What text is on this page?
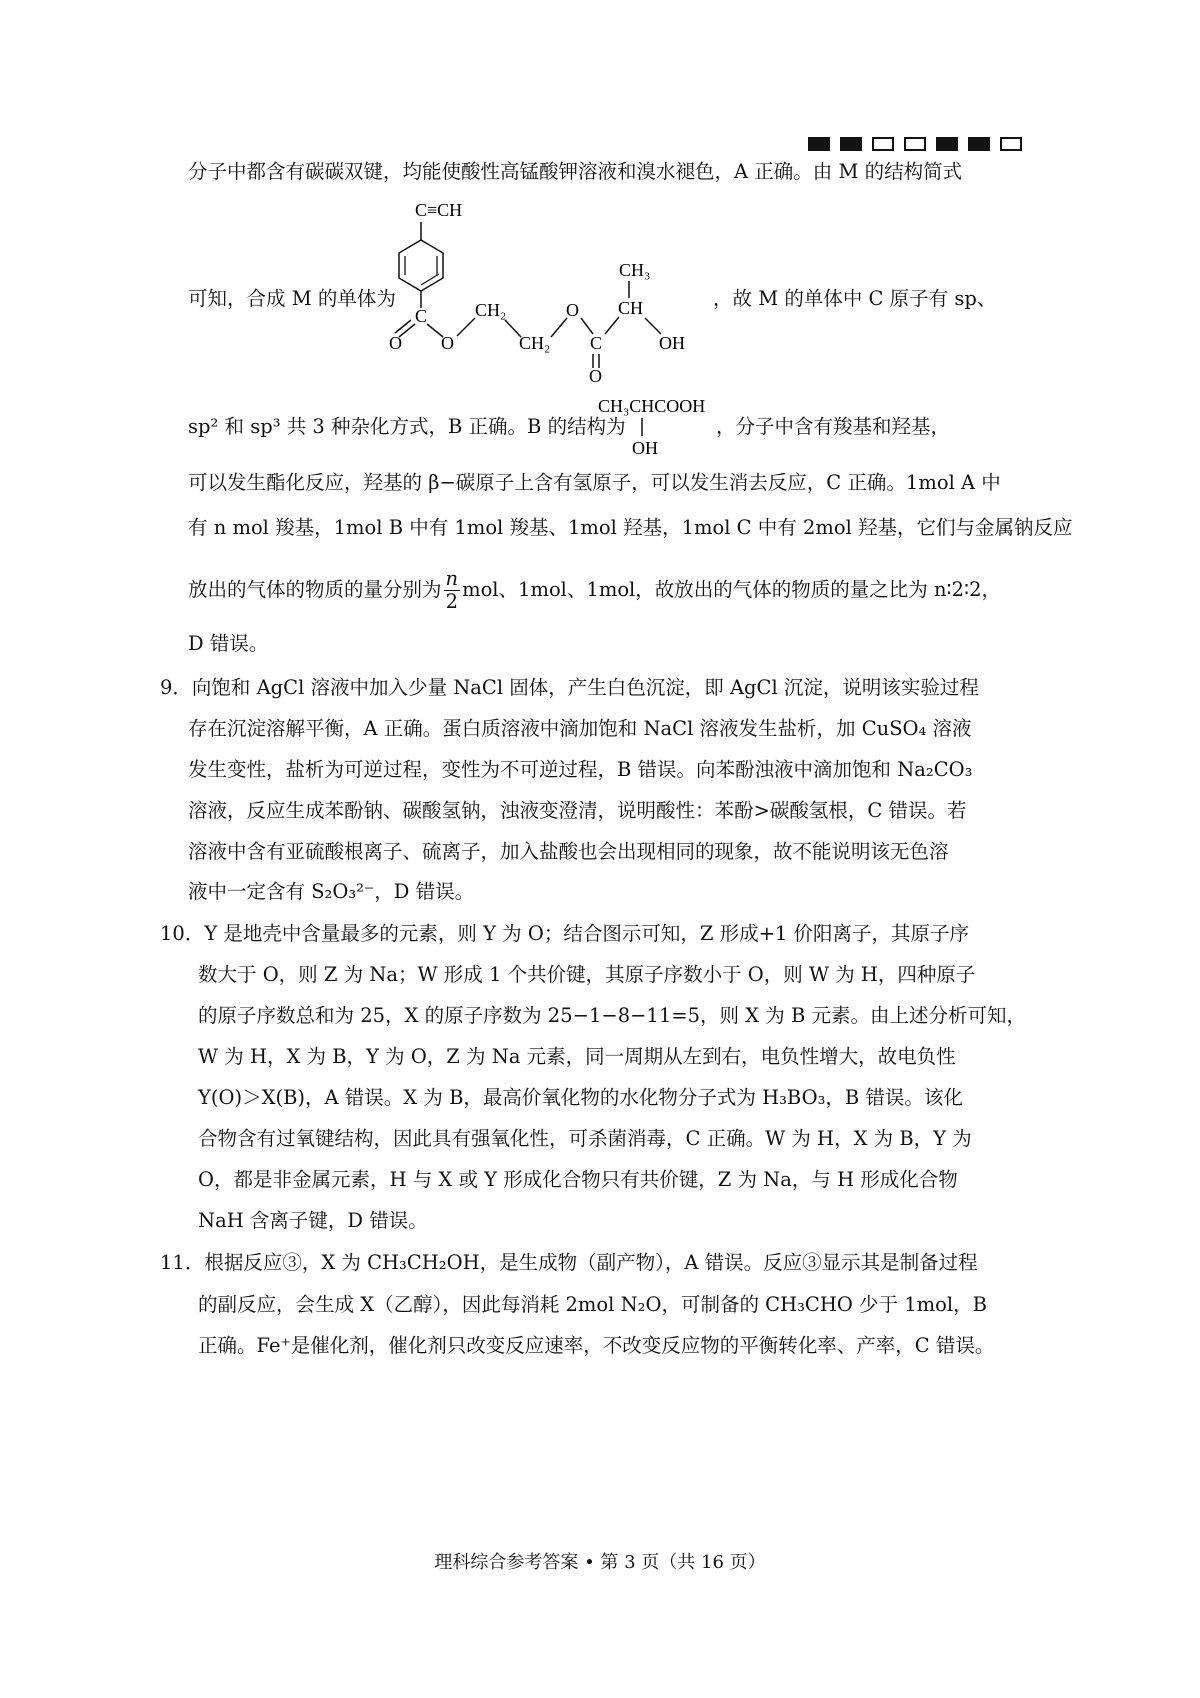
分子中都含有碳碳双键，均能使酸性高锰酸钾溶液和溴水褪色，A 正确。由 M 的结构简式
可知，合成 M 的单体为
C≡CH
C
O O
CH₂
CH₂
O
C
O
CH
CH₃
OH
，故 M 的单体中 C 原子有 sp、
sp² 和 sp³ 共 3 种杂化方式，B 正确。B 的结构为
CH₃CHCOOH
OH
，分子中含有羧基和羟基，
可以发生酯化反应，羟基的 β−碳原子上含有氢原子，可以发生消去反应，C 正确。1mol A 中
有 n mol 羧基，1mol B 中有 1mol 羧基、1mol 羟基，1mol C 中有 2mol 羟基，它们与金属钠反应
放出的气体的物质的量分别为 $\frac{n}{2}$ mol、1mol、1mol，故放出的气体的物质的量之比为 n∶2∶2，
D 错误。
9．向饱和 AgCl 溶液中加入少量 NaCl 固体，产生白色沉淀，即 AgCl 沉淀，说明该实验过程
存在沉淀溶解平衡，A 正确。蛋白质溶液中滴加饱和 NaCl 溶液发生盐析，加 CuSO₄ 溶液
发生变性，盐析为可逆过程，变性为不可逆过程，B 错误。向苯酚浊液中滴加饱和 Na₂CO₃
溶液，反应生成苯酚钠、碳酸氢钠，浊液变澄清，说明酸性：苯酚>碳酸氢根，C 错误。若
溶液中含有亚硫酸根离子、硫离子，加入盐酸也会出现相同的现象，故不能说明该无色溶
液中一定含有 S₂O₃²⁻，D 错误。
10．Y 是地壳中含量最多的元素，则 Y 为 O；结合图示可知，Z 形成+1 价阳离子，其原子序
数大于 O，则 Z 为 Na；W 形成 1 个共价键，其原子序数小于 O，则 W 为 H，四种原子
的原子序数总和为 25，X 的原子序数为 25−1−8−11=5，则 X 为 B 元素。由上述分析可知，
W 为 H，X 为 B，Y 为 O，Z 为 Na 元素，同一周期从左到右，电负性增大，故电负性
Y(O)＞X(B)，A 错误。X 为 B，最高价氧化物的水化物分子式为 H₃BO₃，B 错误。该化
合物含有过氧键结构，因此具有强氧化性，可杀菌消毒，C 正确。W 为 H，X 为 B，Y 为
O，都是非金属元素，H 与 X 或 Y 形成化合物只有共价键，Z 为 Na，与 H 形成化合物
NaH 含离子键，D 错误。
11．根据反应③，X 为 CH₃CH₂OH，是生成物（副产物），A 错误。反应③显示其是制备过程
的副反应，会生成 X（乙醇），因此每消耗 2mol N₂O，可制备的 CH₃CHO 少于 1mol，B
正确。Fe⁺是催化剂，催化剂只改变反应速率，不改变反应物的平衡转化率、产率，C 错误。
理科综合参考答案 • 第 3 页（共 16 页）
